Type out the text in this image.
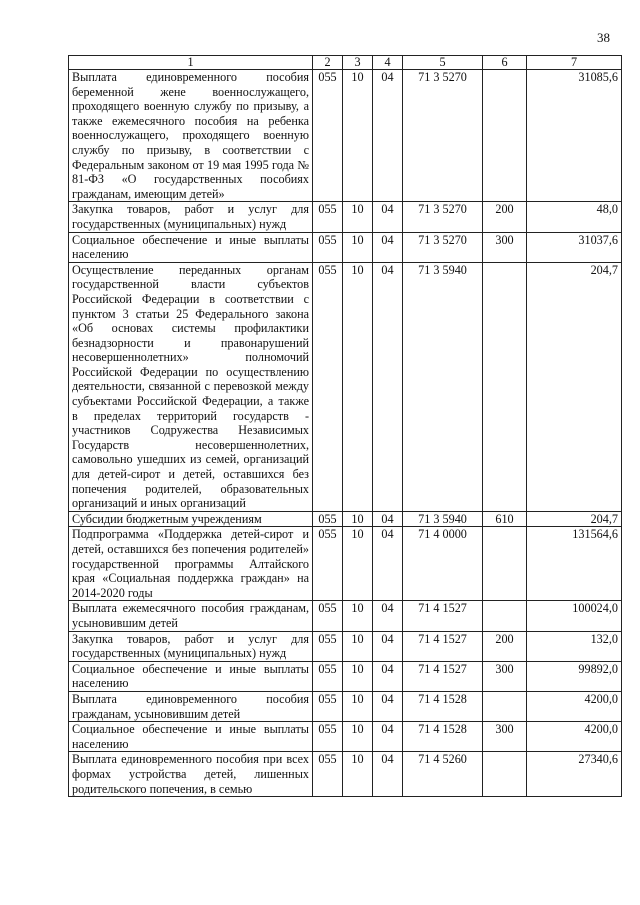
38
1	2	3	4	5	6	7
Выплата единовременного пособия беременной жене военнослужащего, проходящего военную службу по призыву, а также ежемесячного пособия на ребенка военнослужащего, проходящего военную службу по призыву, в соответствии с Федеральным законом от 19 мая 1995 года № 81-ФЗ «О государственных пособиях гражданам, имеющим детей»	055	10	04	71 3 5270		31085,6
Закупка товаров, работ и услуг для государственных (муниципальных) нужд	055	10	04	71 3 5270	200	48,0
Социальное обеспечение и иные выплаты населению	055	10	04	71 3 5270	300	31037,6
Осуществление переданных органам государственной власти субъектов Российской Федерации в соответствии с пунктом 3 статьи 25 Федерального закона «Об основах системы профилактики безнадзорности и правонарушений несовершеннолетних» полномочий Российской Федерации по осуществлению деятельности, связанной с перевозкой между субъектами Российской Федерации, а также в пределах территорий государств - участников Содружества Независимых Государств несовершеннолетних, самовольно ушедших из семей, организаций для детей-сирот и детей, оставшихся без попечения родителей, образовательных организаций и иных организаций	055	10	04	71 3 5940		204,7
Субсидии бюджетным учреждениям	055	10	04	71 3 5940	610	204,7
Подпрограмма «Поддержка детей-сирот и детей, оставшихся без попечения родителей» государственной программы Алтайского края «Социальная поддержка граждан» на 2014-2020 годы	055	10	04	71 4 0000		131564,6
Выплата ежемесячного пособия гражданам, усыновившим детей	055	10	04	71 4 1527		100024,0
Закупка товаров, работ и услуг для государственных (муниципальных) нужд	055	10	04	71 4 1527	200	132,0
Социальное обеспечение и иные выплаты населению	055	10	04	71 4 1527	300	99892,0
Выплата единовременного пособия гражданам, усыновившим детей	055	10	04	71 4 1528		4200,0
Социальное обеспечение и иные выплаты населению	055	10	04	71 4 1528	300	4200,0
Выплата единовременного пособия при всех формах устройства детей, лишенных родительского попечения, в семью	055	10	04	71 4 5260		27340,6
